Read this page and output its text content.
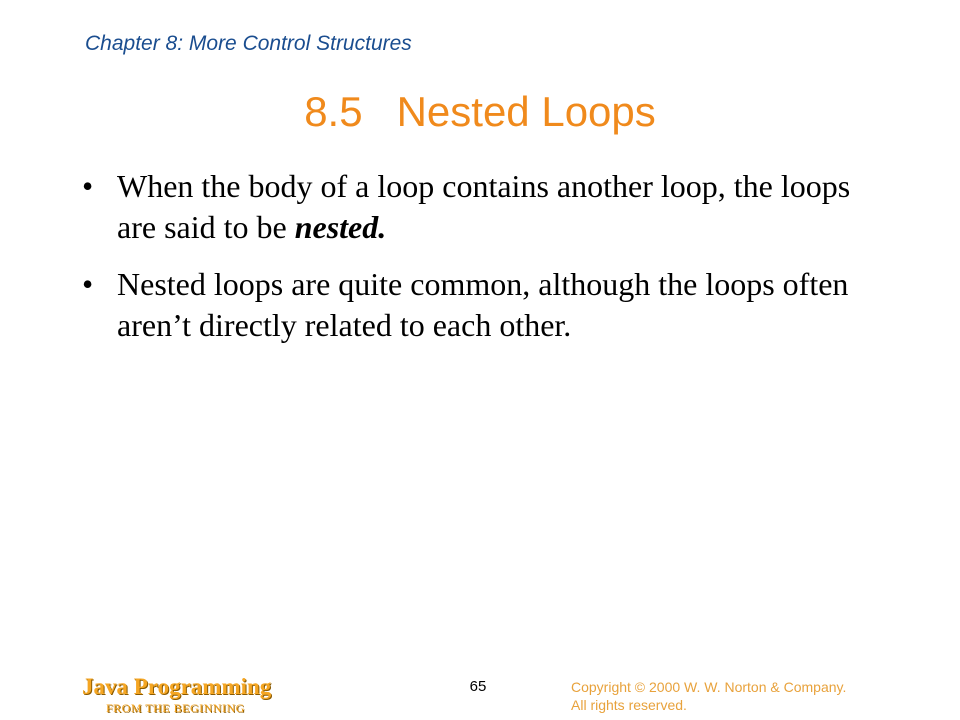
Chapter 8: More Control Structures
8.5 Nested Loops
• When the body of a loop contains another loop, the loops are said to be nested.
• Nested loops are quite common, although the loops often aren’t directly related to each other.
Java Programming
FROM THE BEGINNING
65	Copyright © 2000 W. W. Norton & Company.
All rights reserved.
